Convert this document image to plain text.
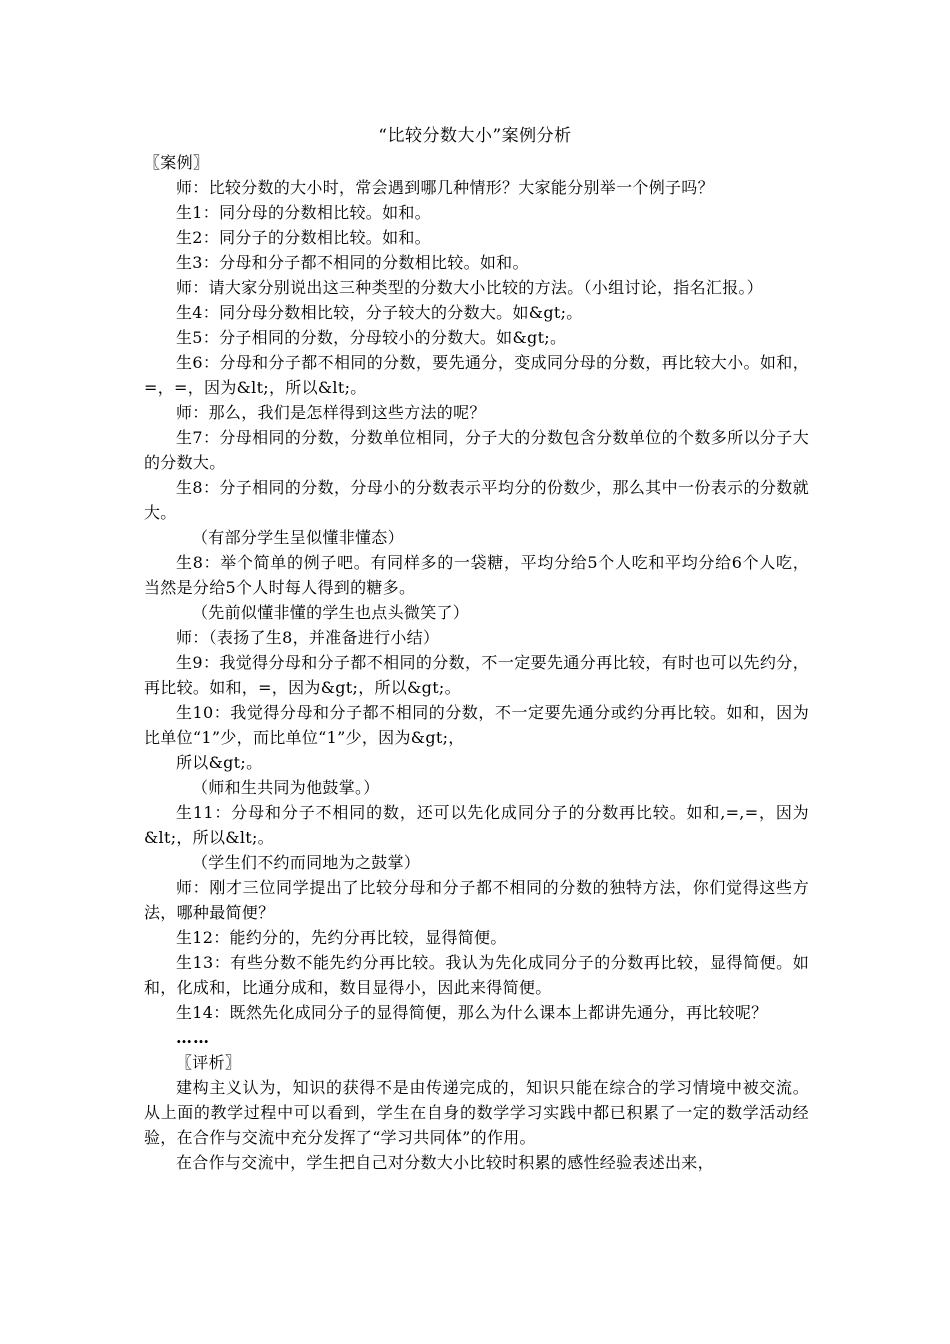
“比较分数大小”案例分析

〖案例〗

师：比较分数的大小时，常会遇到哪几种情形？大家能分别举一个例子吗？

生1：同分母的分数相比较。如和。

生2：同分子的分数相比较。如和。

生3：分母和分子都不相同的分数相比较。如和。

师：请大家分别说出这三种类型的分数大小比较的方法。（小组讨论，指名汇报。）

生4：同分母分数相比较，分子较大的分数大。如&gt;。

生5：分子相同的分数，分母较小的分数大。如&gt;。

生6：分母和分子都不相同的分数，要先通分，变成同分母的分数，再比较大小。如和，=，=，因为&lt;，所以&lt;。

师：那么，我们是怎样得到这些方法的呢？

生7：分母相同的分数，分数单位相同，分子大的分数包含分数单位的个数多所以分子大的分数大。

生8：分子相同的分数，分母小的分数表示平均分的份数少，那么其中一份表示的分数就大。

（有部分学生呈似懂非懂态）

生8：举个简单的例子吧。有同样多的一袋糖，平均分给5个人吃和平均分给6个人吃，当然是分给5个人时每人得到的糖多。

（先前似懂非懂的学生也点头微笑了）

师：（表扬了生8，并准备进行小结）

生9：我觉得分母和分子都不相同的分数，不一定要先通分再比较，有时也可以先约分，再比较。如和，=，因为&gt;，所以&gt;。

生10：我觉得分母和分子都不相同的分数，不一定要先通分或约分再比较。如和，因为比单位“1”少，而比单位“1”少，因为&gt;，

所以&gt;。

（师和生共同为他鼓掌。）

生11：分母和分子不相同的数，还可以先化成同分子的分数再比较。如和,=,=，因为&lt;，所以&lt;。

（学生们不约而同地为之鼓掌）

师：刚才三位同学提出了比较分母和分子都不相同的分数的独特方法，你们觉得这些方法，哪种最简便？

生12：能约分的，先约分再比较，显得简便。

生13：有些分数不能先约分再比较。我认为先化成同分子的分数再比较，显得简便。如和，化成和，比通分成和，数目显得小，因此来得简便。

生14：既然先化成同分子的显得简便，那么为什么课本上都讲先通分，再比较呢？

……

〖评析〗

建构主义认为，知识的获得不是由传递完成的，知识只能在综合的学习情境中被交流。从上面的教学过程中可以看到，学生在自身的数学学习实践中都已积累了一定的数学活动经验，在合作与交流中充分发挥了“学习共同体”的作用。

在合作与交流中，学生把自己对分数大小比较时积累的感性经验表述出来，
